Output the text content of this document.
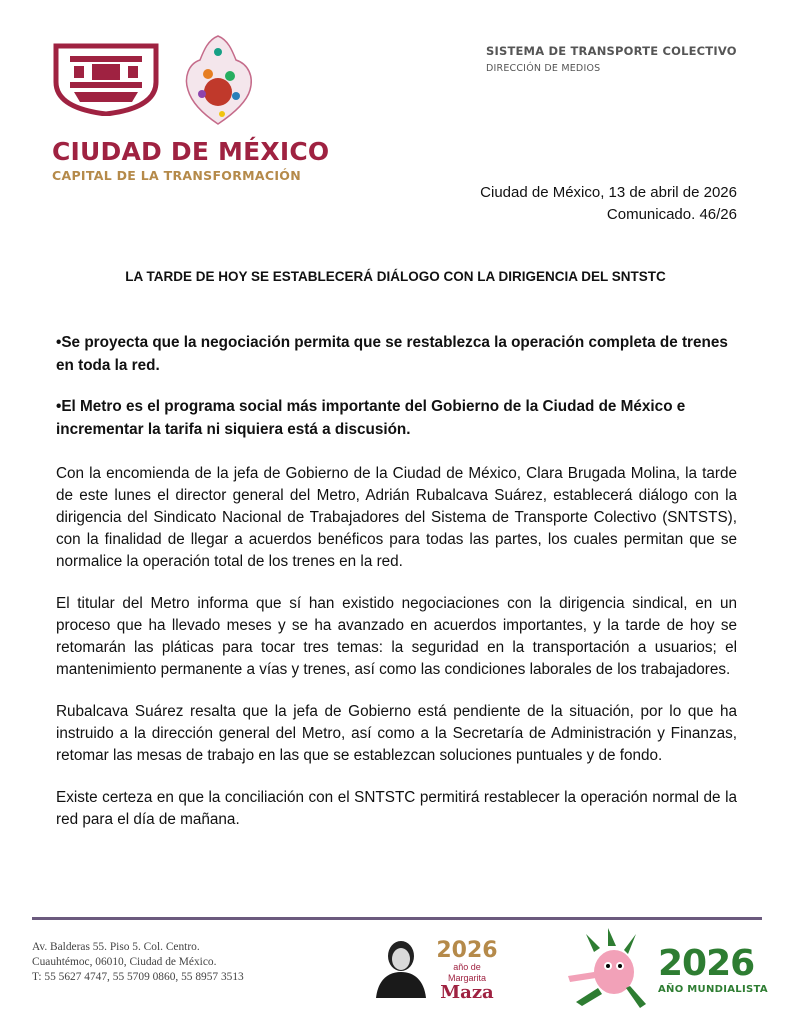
CIUDAD DE MÉXICO
CAPITAL DE LA TRANSFORMACIÓN
SISTEMA DE TRANSPORTE COLECTIVO
DIRECCIÓN DE MEDIOS
Ciudad de México, 13 de abril de 2026
Comunicado. 46/26
LA TARDE DE HOY SE ESTABLECERÁ DIÁLOGO CON LA DIRIGENCIA DEL SNTSTC

•Se proyecta que la negociación permita que se restablezca la operación completa de trenes en toda la red.

•El Metro es el programa social más importante del Gobierno de la Ciudad de México e incrementar la tarifa ni siquiera está a discusión.

Con la encomienda de la jefa de Gobierno de la Ciudad de México, Clara Brugada Molina, la tarde de este lunes el director general del Metro, Adrián Rubalcava Suárez, establecerá diálogo con la dirigencia del Sindicato Nacional de Trabajadores del Sistema de Transporte Colectivo (SNTSTS), con la finalidad de llegar a acuerdos benéficos para todas las partes, los cuales permitan que se normalice la operación total de los trenes en la red.

El titular del Metro informa que sí han existido negociaciones con la dirigencia sindical, en un proceso que ha llevado meses y se ha avanzado en acuerdos importantes, y la tarde de hoy se retomarán las pláticas para tocar tres temas: la seguridad en la transportación a usuarios; el mantenimiento permanente a vías y trenes, así como las condiciones laborales de los trabajadores.

Rubalcava Suárez resalta que la jefa de Gobierno está pendiente de la situación, por lo que ha instruido a la dirección general del Metro, así como a la Secretaría de Administración y Finanzas, retomar las mesas de trabajo en las que se establezcan soluciones puntuales y de fondo.

Existe certeza en que la conciliación con el SNTSTC permitirá restablecer la operación normal de la red para el día de mañana.

Av. Balderas 55. Piso 5. Col. Centro.
Cuauhtémoc, 06010, Ciudad de México.
T: 55 5627 4747, 55 5709 0860, 55 8957 3513
2026
año de
Margarita
Maza
2026
AÑO MUNDIALISTA
